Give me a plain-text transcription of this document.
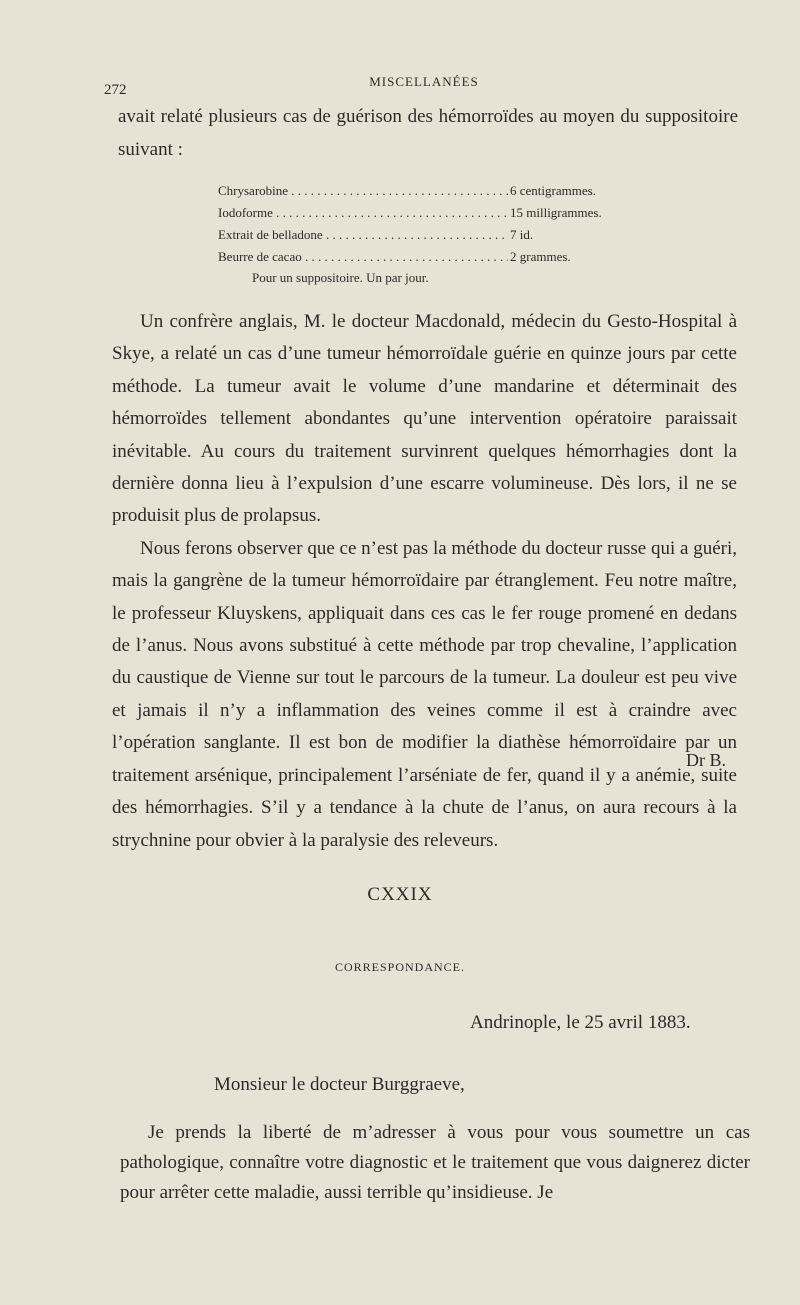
272
MISCELLANÉES

avait relaté plusieurs cas de guérison des hémorroïdes au moyen du suppositoire suivant :

Chrysarobine . . .	6 centigrammes.
Iodoforme . . .	15 milligrammes.
Extrait de belladone . . .	7 id.
Beurre de cacao . . .	2 grammes.
Pour un suppositoire. Un par jour.

Un confrère anglais, M. le docteur Macdonald, médecin du Gesto-Hospital à Skye, a relaté un cas d’une tumeur hémorroïdale guérie en quinze jours par cette méthode. La tumeur avait le volume d’une mandarine et déterminait des hémorroïdes tellement abondantes qu’une intervention opératoire paraissait inévitable. Au cours du traitement survinrent quelques hémorrhagies dont la dernière donna lieu à l’expulsion d’une escarre volumineuse. Dès lors, il ne se produisit plus de prolapsus.

Nous ferons observer que ce n’est pas la méthode du docteur russe qui a guéri, mais la gangrène de la tumeur hémorroïdaire par étranglement. Feu notre maître, le professeur Kluyskens, appliquait dans ces cas le fer rouge promené en dedans de l’anus. Nous avons substitué à cette méthode par trop chevaline, l’application du caustique de Vienne sur tout le parcours de la tumeur. La douleur est peu vive et jamais il n’y a inflammation des veines comme il est à craindre avec l’opération sanglante. Il est bon de modifier la diathèse hémorroïdaire par un traitement arsénique, principalement l’arséniate de fer, quand il y a anémie, suite des hémorrhagies. S’il y a tendance à la chute de l’anus, on aura recours à la strychnine pour obvier à la paralysie des releveurs.

Dr B.
CXXIX
CORRESPONDANCE.
Andrinople, le 25 avril 1883.
Monsieur le docteur Burggraeve,

Je prends la liberté de m’adresser à vous pour vous soumettre un cas pathologique, connaître votre diagnostic et le traitement que vous daignerez dicter pour arrêter cette maladie, aussi terrible qu’insidieuse. Je
